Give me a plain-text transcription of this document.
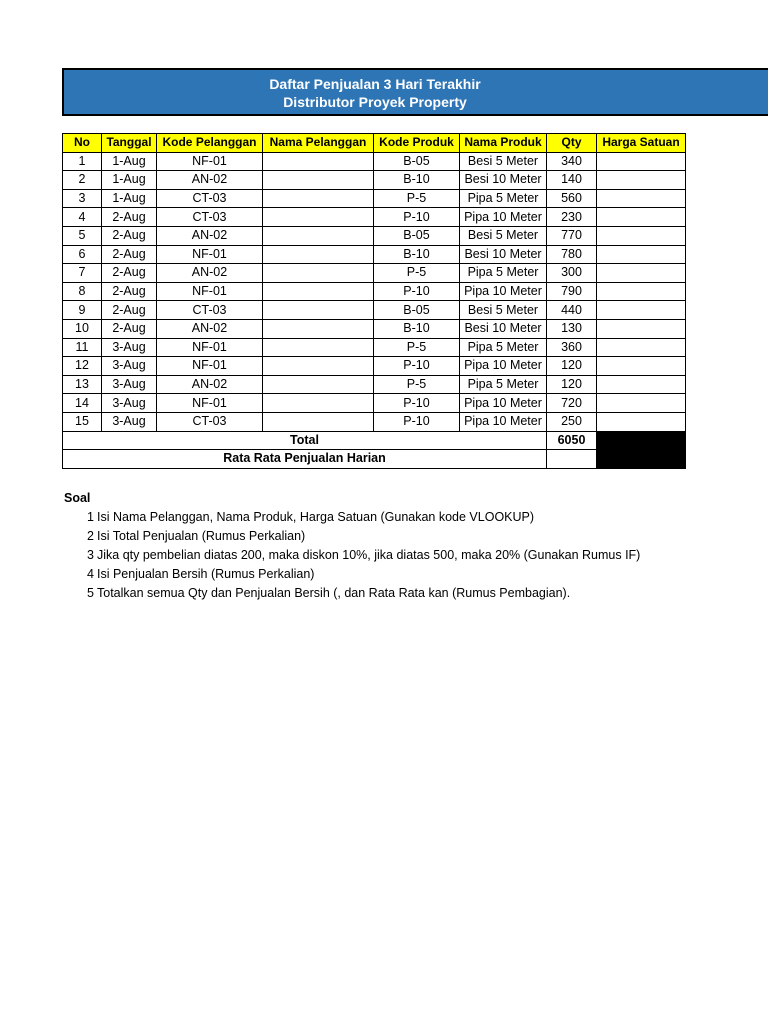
Daftar Penjualan 3 Hari Terakhir
Distributor Proyek Property
No	Tanggal	Kode Pelanggan	Nama Pelanggan	Kode Produk	Nama Produk	Qty	Harga Satuan
1	1-Aug	NF-01		B-05	Besi 5 Meter	340	
2	1-Aug	AN-02		B-10	Besi 10 Meter	140	
3	1-Aug	CT-03		P-5	Pipa 5 Meter	560	
4	2-Aug	CT-03		P-10	Pipa 10 Meter	230	
5	2-Aug	AN-02		B-05	Besi 5 Meter	770	
6	2-Aug	NF-01		B-10	Besi 10 Meter	780	
7	2-Aug	AN-02		P-5	Pipa 5 Meter	300	
8	2-Aug	NF-01		P-10	Pipa 10 Meter	790	
9	2-Aug	CT-03		B-05	Besi 5 Meter	440	
10	2-Aug	AN-02		B-10	Besi 10 Meter	130	
11	3-Aug	NF-01		P-5	Pipa 5 Meter	360	
12	3-Aug	NF-01		P-10	Pipa 10 Meter	120	
13	3-Aug	AN-02		P-5	Pipa 5 Meter	120	
14	3-Aug	NF-01		P-10	Pipa 10 Meter	720	
15	3-Aug	CT-03		P-10	Pipa 10 Meter	250	
Total						6050	
Rata Rata Penjualan Harian							
Soal
1 Isi Nama Pelanggan, Nama Produk, Harga Satuan (Gunakan kode VLOOKUP)
2 Isi Total Penjualan (Rumus Perkalian)
3 Jika qty pembelian diatas 200, maka diskon 10%, jika diatas 500, maka 20% (Gunakan Rumus IF)
4 Isi Penjualan Bersih (Rumus Perkalian)
5 Totalkan semua Qty dan Penjualan Bersih (, dan Rata Rata kan (Rumus Pembagian).
